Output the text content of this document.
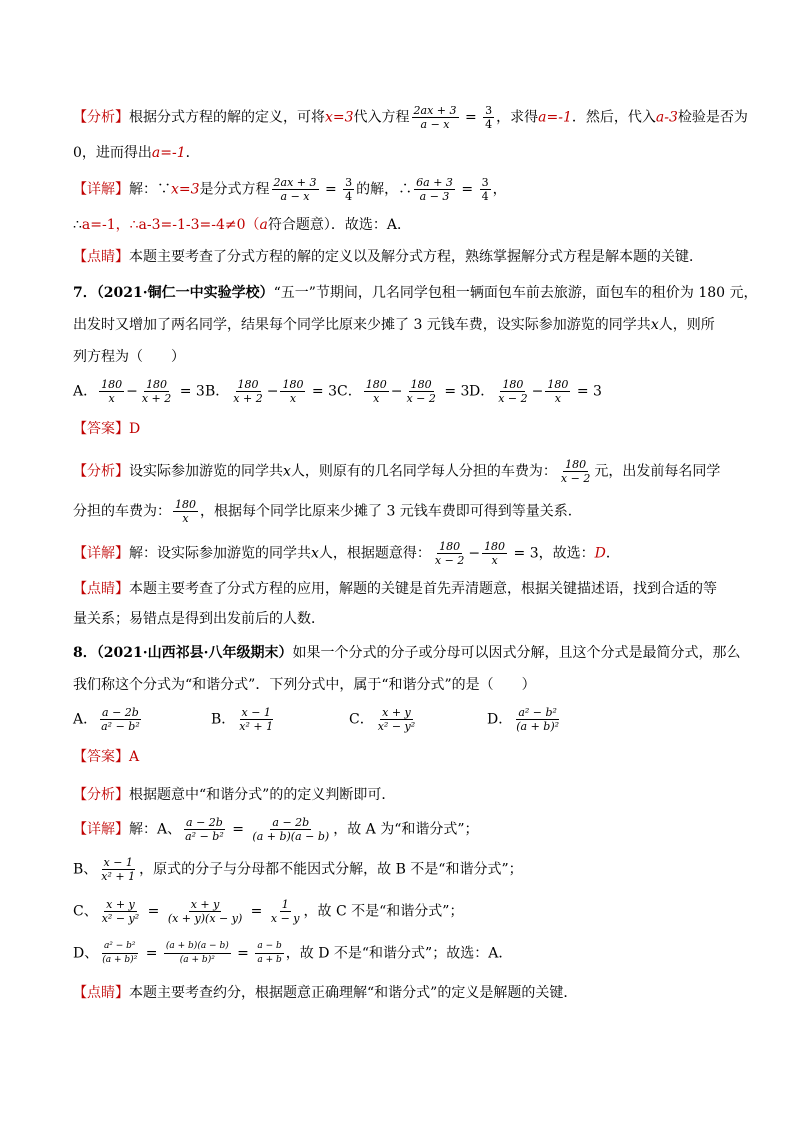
【分析】根据分式方程的解的定义，可将x=3代入方程 $\frac{2ax + 3}{a - x} = \frac{3}{4}$ ，求得a=-1．然后，代入a-3检验是否为
0，进而得出a=-1．
【详解】解：∵x=3是分式方程 $\frac{2ax + 3}{a - x} = \frac{3}{4}$ 的解，∴ $\frac{6a + 3}{a - 3} = \frac{3}{4}$ ，
∴a=-1，∴a-3=-1-3=-4≠0（a符合题意）．故选：A．
【点睛】本题主要考查了分式方程的解的定义以及解分式方程，熟练掌握解分式方程是解本题的关键．
7．（2021·铜仁一中实验学校）“五一”节期间，几名同学包租一辆面包车前去旅游，面包车的租价为 180 元，
出发时又增加了两名同学，结果每个同学比原来少摊了 3 元钱车费，设实际参加游览的同学共x人，则所
列方程为（　　）
A． $\frac{180}{x} - \frac{180}{x + 2} = 3B$． $\frac{180}{x + 2} - \frac{180}{x} = 3C$． $\frac{180}{x} - \frac{180}{x - 2} = 3D$． $\frac{180}{x - 2} - \frac{180}{x} = 3$
【答案】D
【分析】设实际参加游览的同学共x人，则原有的几名同学每人分担的车费为： $\frac{180}{x - 2}$ 元，出发前每名同学
分担的车费为： $\frac{180}{x}$ ，根据每个同学比原来少摊了 3 元钱车费即可得到等量关系．
【详解】解：设实际参加游览的同学共x人，根据题意得： $\frac{180}{x - 2} - \frac{180}{x} = 3$，故选：D．
【点睛】本题主要考查了分式方程的应用，解题的关键是首先弄清题意，根据关键描述语，找到合适的等
量关系；易错点是得到出发前后的人数．
8．（2021·山西祁县·八年级期末）如果一个分式的分子或分母可以因式分解，且这个分式是最简分式，那么
我们称这个分式为“和谐分式”．下列分式中，属于“和谐分式”的是（　　）
A． $\frac{a - 2b}{\text{a² − b²}}$	B． $\frac{x - 1}{\text{x² + 1}}$	C． $\frac{x + y}{\text{x² − y²}}$	D． $\frac{\text{a² − b²}}{\text{(a + b)²}}$
【答案】A
【分析】根据题意中“和谐分式”的的定义判断即可．
【详解】解：A、 $\frac{a - 2b}{\text{a² − b²}} = \frac{a - 2b}{(a + b)(a - b)}$ ，故 A 为“和谐分式”；
B、 $\frac{x - 1}{\text{x² + 1}}$ ，原式的分子与分母都不能因式分解，故 B 不是“和谐分式”；
C、 $\frac{x + y}{\text{x² − y²}} = \frac{x + y}{(x + y)(x - y)} = \frac{1}{x - y}$ ，故 C 不是“和谐分式”；
D、 $\frac{\text{a² − b²}}{\text{(a + b)²}} = \frac{(a + b)(a - b)}{\text{(a + b)²}} = \frac{a - b}{a + b}$ ，故 D 不是“和谐分式”；故选：A．
【点睛】本题主要考查约分，根据题意正确理解“和谐分式”的定义是解题的关键．
